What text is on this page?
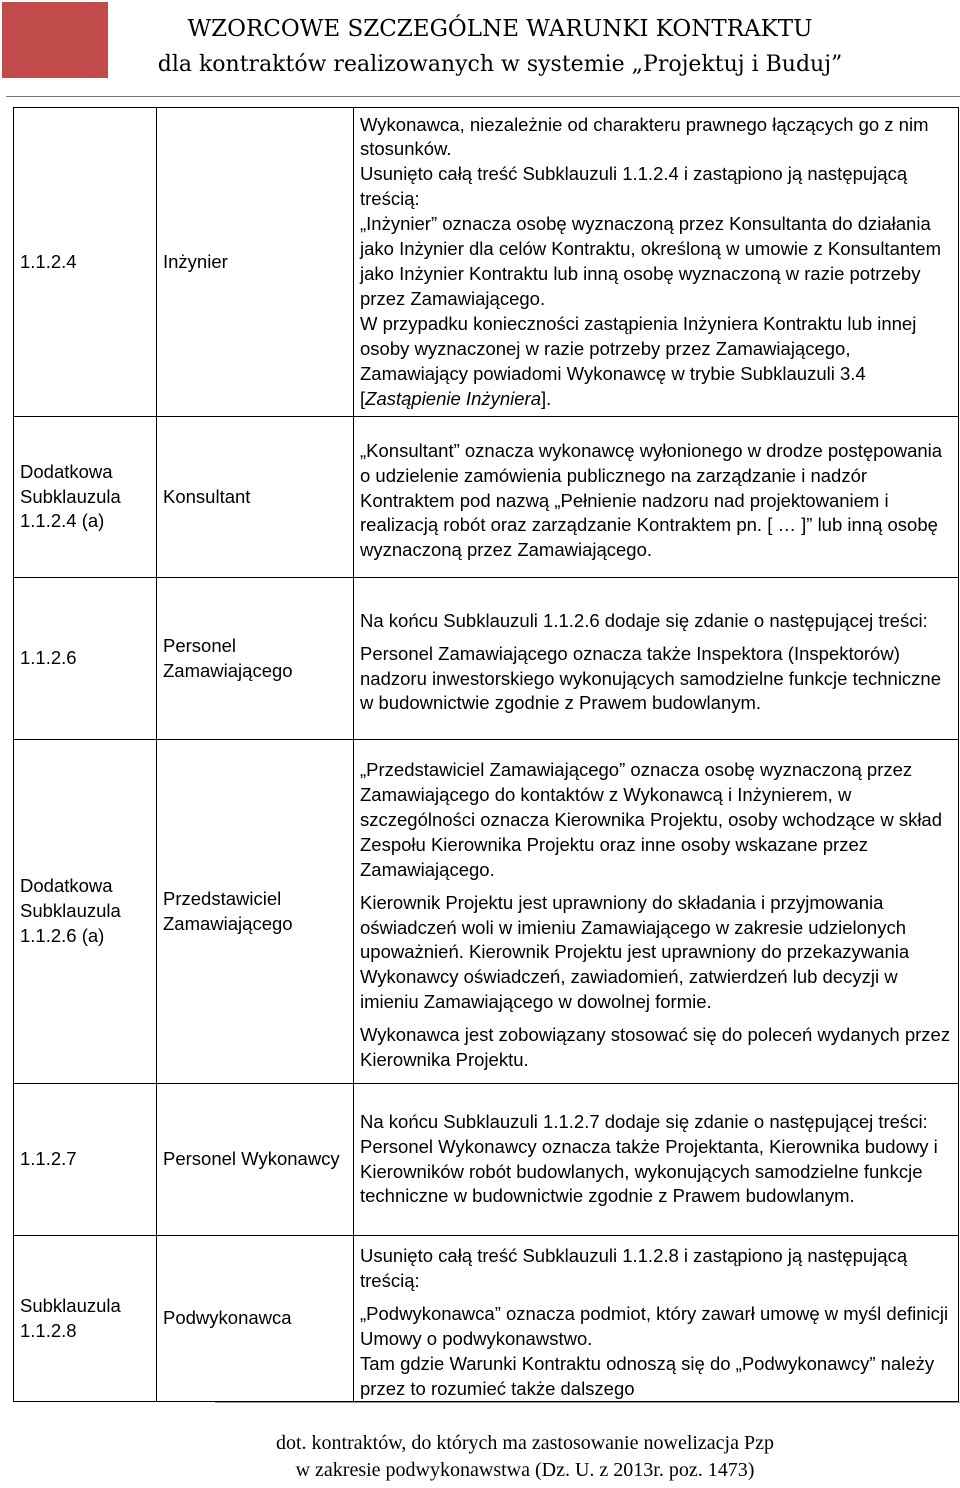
WZORCOWE SZCZEGÓLNE WARUNKI KONTRAKTU
dla kontraktów realizowanych w systemie „Projektuj i Buduj”
1.1.2.4	Inżynier	Wykonawca, niezależnie od charakteru prawnego łączących go z nim stosunków.

Usunięto całą treść Subklauzuli 1.1.2.4 i zastąpiono ją następującą treścią:

„Inżynier” oznacza osobę wyznaczoną przez Konsultanta do działania jako Inżynier dla celów Kontraktu, określoną w umowie z Konsultantem jako Inżynier Kontraktu lub inną osobę wyznaczoną w razie potrzeby przez Zamawiającego.

W przypadku konieczności zastąpienia Inżyniera Kontraktu lub innej osoby wyznaczonej w razie potrzeby przez Zamawiającego, Zamawiający powiadomi Wykonawcę w trybie Subklauzuli 3.4 [Zastąpienie Inżyniera].

Dodatkowa Subklauzula 1.1.2.4 (a)	Konsultant	„Konsultant” oznacza wykonawcę wyłonionego w drodze postępowania o udzielenie zamówienia publicznego na zarządzanie i nadzór Kontraktem pod nazwą „Pełnienie nadzoru nad projektowaniem i realizacją robót oraz zarządzanie Kontraktem pn. [ … ]” lub inną osobę wyznaczoną przez Zamawiającego.

1.1.2.6	Personel Zamawiającego	Na końcu Subklauzuli 1.1.2.6 dodaje się zdanie o następującej treści:

Personel Zamawiającego oznacza także Inspektora (Inspektorów) nadzoru inwestorskiego wykonujących samodzielne funkcje techniczne w budownictwie zgodnie z Prawem budowlanym.

Dodatkowa Subklauzula 1.1.2.6 (a)	Przedstawiciel Zamawiającego	„Przedstawiciel Zamawiającego” oznacza osobę wyznaczoną przez Zamawiającego do kontaktów z Wykonawcą i Inżynierem, w szczególności oznacza Kierownika Projektu, osoby wchodzące w skład Zespołu Kierownika Projektu oraz inne osoby wskazane przez Zamawiającego.

Kierownik Projektu jest uprawniony do składania i przyjmowania oświadczeń woli w imieniu Zamawiającego w zakresie udzielonych upoważnień. Kierownik Projektu jest uprawniony do przekazywania Wykonawcy oświadczeń, zawiadomień, zatwierdzeń lub decyzji w imieniu Zamawiającego w dowolnej formie.

Wykonawca jest zobowiązany stosować się do poleceń wydanych przez Kierownika Projektu.

1.1.2.7	Personel Wykonawcy	Na końcu Subklauzuli 1.1.2.7 dodaje się zdanie o następującej treści:

Personel Wykonawcy oznacza także Projektanta, Kierownika budowy i Kierowników robót budowlanych, wykonujących samodzielne funkcje techniczne w budownictwie zgodnie z Prawem budowlanym.

Subklauzula 1.1.2.8	Podwykonawca	Usunięto całą treść Subklauzuli 1.1.2.8 i zastąpiono ją następującą treścią:

„Podwykonawca” oznacza podmiot, który zawarł umowę w myśl definicji Umowy o podwykonawstwo.

Tam gdzie Warunki Kontraktu odnoszą się do „Podwykonawcy” należy przez to rozumieć także dalszego

dot. kontraktów, do których ma zastosowanie nowelizacja Pzp
w zakresie podwykonawstwa (Dz. U. z 2013r. poz. 1473)
